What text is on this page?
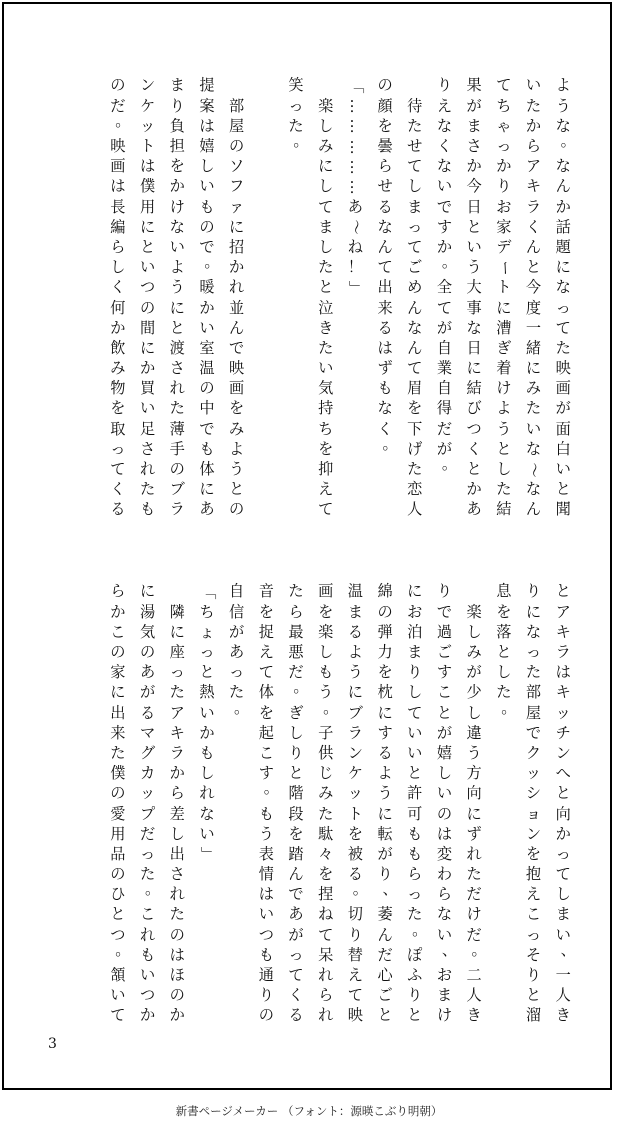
よ
う
な
。
な
ん
か
話
題
に
な
っ
て
た
映
画
が
面
白
い
と
聞
い
た
か
ら
ア
キ
ラ
く
ん
と
今
度
一
緒
に
み
た
い
な
〜
な
ん
て
ち
ゃ
っ
か
り
お
家
デ
ー
ト
に
漕
ぎ
着
け
よ
う
と
し
た
結
果
が
ま
さ
か
今
日
と
い
う
大
事
な
日
に
結
び
つ
く
と
か
あ
り
え
な
く
な
い
で
す
か
。
全
て
が
自
業
自
得
だ
が
。

待
た
せ
て
し
ま
っ
て
ご
め
ん
な
ん
て
眉
を
下
げ
た
恋
人
の
顔
を
曇
ら
せ
る
な
ん
て
出
来
る
は
ず
も
な
く
。
「
…
…
…
…
…
あ
〜
ね
！
」

楽
し
み
に
し
て
ま
し
た
と
泣
き
た
い
気
持
ち
を
抑
え
て
笑
っ
た
。

部
屋
の
ソ
フ
ァ
に
招
か
れ
並
ん
で
映
画
を
み
よ
う
と
の
提
案
は
嬉
し
い
も
の
で
。
暖
か
い
室
温
の
中
で
も
体
に
あ
ま
り
負
担
を
か
け
な
い
よ
う
に
と
渡
さ
れ
た
薄
手
の
ブ
ラ
ン
ケ
ッ
ト
は
僕
用
に
と
い
つ
の
間
に
か
買
い
足
さ
れ
た
も
の
だ
。
映
画
は
長
編
ら
し
く
何
か
飲
み
物
を
取
っ
て
く
る
と
ア
キ
ラ
は
キ
ッ
チ
ン
へ
と
向
か
っ
て
し
ま
い
、
一
人
き
り
に
な
っ
た
部
屋
で
ク
ッ
シ
ョ
ン
を
抱
え
こ
っ
そ
り
と
溜
息
を
落
と
し
た
。

楽
し
み
が
少
し
違
う
方
向
に
ず
れ
た
だ
け
だ
。
二
人
き
り
で
過
ご
す
こ
と
が
嬉
し
い
の
は
変
わ
ら
な
い
、
お
ま
け
に
お
泊
ま
り
し
て
い
い
と
許
可
も
も
ら
っ
た
。
ぽ
ふ
り
と
綿
の
弾
力
を
枕
に
す
る
よ
う
に
転
が
り
、
萎
ん
だ
心
ご
と
温
ま
る
よ
う
に
ブ
ラ
ン
ケ
ッ
ト
を
被
る
。
切
り
替
え
て
映
画
を
楽
し
も
う
。
子
供
じ
み
た
駄
々
を
捏
ね
て
呆
れ
ら
れ
た
ら
最
悪
だ
。
ぎ
し
り
と
階
段
を
踏
ん
で
あ
が
っ
て
く
る
音
を
捉
え
て
体
を
起
こ
す
。
も
う
表
情
は
い
つ
も
通
り
の
自
信
が
あ
っ
た
。
「
ち
ょ
っ
と
熱
い
か
も
し
れ
な
い
」

隣
に
座
っ
た
ア
キ
ラ
か
ら
差
し
出
さ
れ
た
の
は
ほ
の
か
に
湯
気
の
あ
が
る
マ
グ
カ
ッ
プ
だ
っ
た
。
こ
れ
も
い
つ
か
ら
か
こ
の
家
に
出
来
た
僕
の
愛
用
品
の
ひ
と
つ
。
頷
い
て
3
新書ページメーカー （フォント：源暎こぶり明朝）
